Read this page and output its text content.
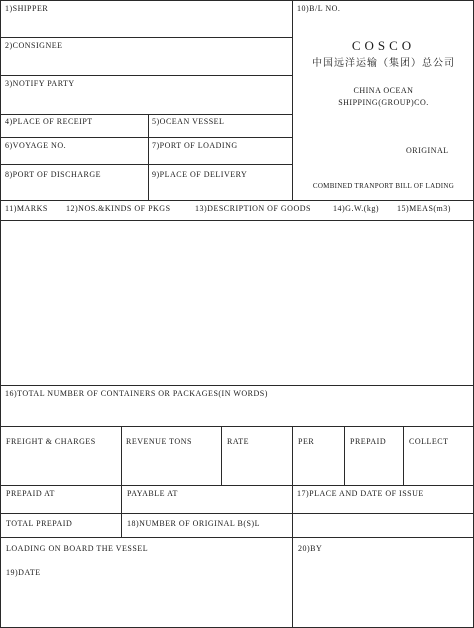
1)SHIPPER	10)B/L NO.
2)CONSIGNEE
3)NOTIFY PARTY
4)PLACE OF RECEIPT	5)OCEAN VESSEL
6)VOYAGE NO.	7)PORT OF LOADING
8)PORT OF DISCHARGE	9)PLACE OF DELIVERY
COSCO
中国远洋运输（集团）总公司
CHINA OCEAN
SHIPPING(GROUP)CO.
ORIGINAL
COMBINED TRANPORT BILL OF LADING
11)MARKS 12)NOS.&KINDS OF PKGS	13)DESCRIPTION OF GOODS	14)G.W.(kg) 15)MEAS(m3)
16)TOTAL NUMBER OF CONTAINERS OR PACKAGES(IN WORDS)
FREIGHT & CHARGES	REVENUE TONS	RATE	PER	PREPAID	COLLECT
PREPAID AT	PAYABLE AT	17)PLACE AND DATE OF ISSUE
TOTAL PREPAID	18)NUMBER OF ORIGINAL B(S)L
LOADING ON BOARD THE VESSEL
19)DATE
20)BY
